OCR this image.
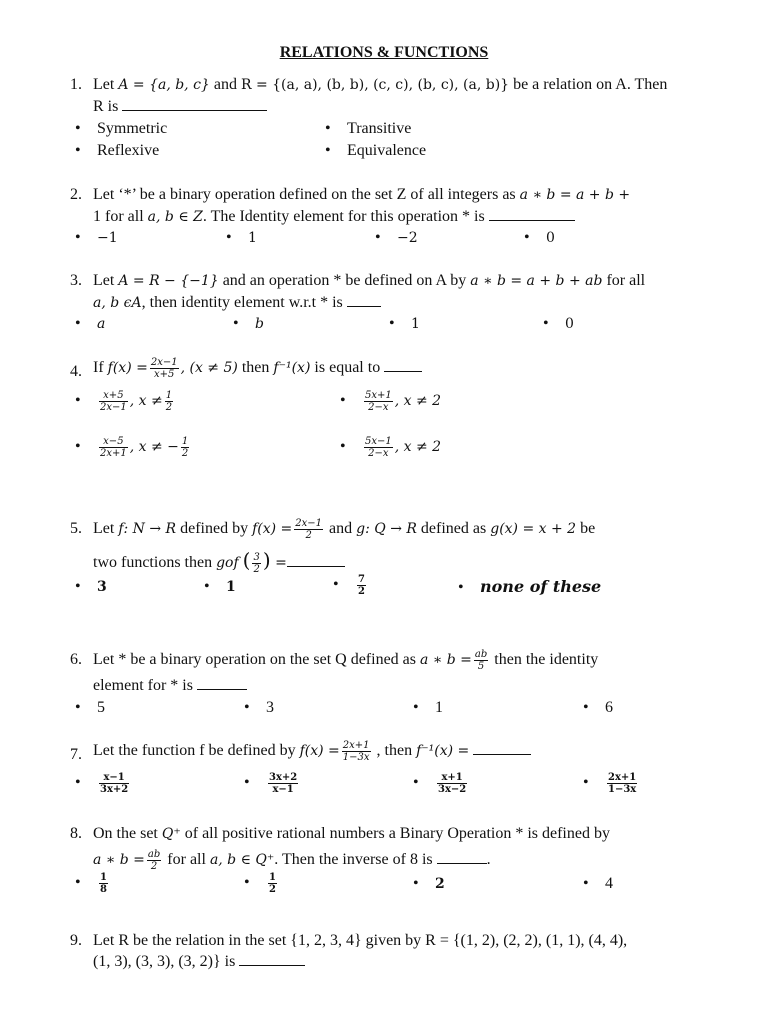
RELATIONS & FUNCTIONS
1. Let A = {a, b, c} and R = {(a, a), (b, b), (c, c), (b, c), (a, b)} be a relation on A. Then
R is
• Symmetric	• Transitive
• Reflexive	• Equivalence
2. Let ‘*’ be a binary operation defined on the set Z of all integers as a ∗ b = a + b +
1 for all a, b ∈ Z. The Identity element for this operation * is
• −1	• 1	• −2	• 0
3. Let A = R − {−1} and an operation * be defined on A by a ∗ b = a + b + ab for all
a, b ϵA, then identity element w.r.t * is
• a	• b	• 1	• 0
4. If $f(x) = \frac{2x-1}{x+5}$ , (x ≠ 5) then f⁻¹(x) is equal to
• $\frac{x+5}{2x-1}$ , $x \ne \frac{1}{2}$	• $\frac{5x+1}{2-x}$ , x ≠ 2
• $\frac{x-5}{2x+1}$ , x ≠ − $\frac{1}{2}$	• $\frac{5x-1}{2-x}$ , x ≠ 2
5. Let f: N → R defined by $f(x) = \frac{2x-1}{2}$ and g: Q → R defined as g(x) = x + 2 be
two functions then gof ( $\frac{3}{2}$ ) =
• 3	• 1	• $\frac{7}{2}$	• none of these
6. Let * be a binary operation on the set Q defined as a ∗ $b = \frac{ab}{5}$ then the identity
element for * is
• 5	• 3	• 1	• 6
7. Let the function f be defined by $f(x) = \frac{2x+1}{1-3x}$ , then f⁻¹(x) =
• $\frac{x-1}{3x+2}$	• $\frac{3x+2}{x-1}$	• $\frac{x+1}{3x-2}$	• $\frac{2x+1}{1-3x}$
8. On the set Q⁺ of all positive rational numbers a Binary Operation * is defined by
a ∗ $b = \frac{ab}{2}$ for all a, b ∈ Q⁺. Then the inverse of 8 is	.
• $\frac{1}{8}$	• $\frac{1}{2}$	• 2	• 4
9. Let R be the relation in the set {1, 2, 3, 4} given by R = {(1, 2), (2, 2), (1, 1), (4, 4),
(1, 3), (3, 3), (3, 2)} is
